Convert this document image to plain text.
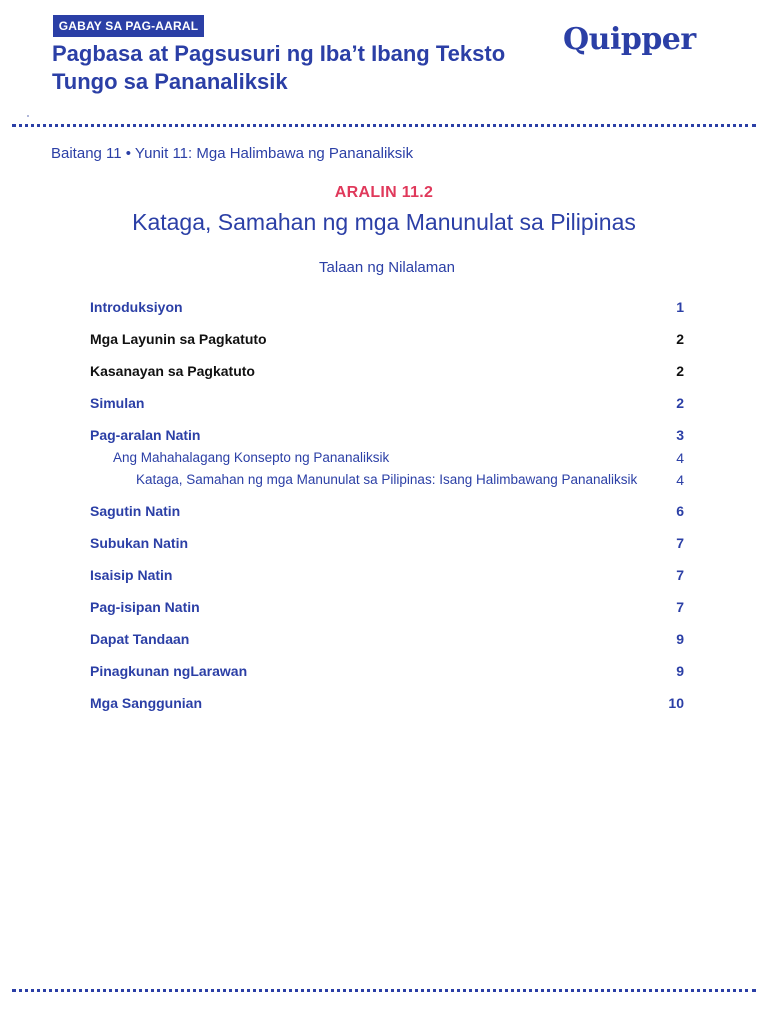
GABAY SA PAG-AARAL
Pagbasa at Pagsusuri ng Iba’t Ibang Teksto
Tungo sa Pananaliksik
Quipper
Baitang 11 • Yunit 11: Mga Halimbawa ng Pananaliksik
ARALIN 11.2
Kataga, Samahan ng mga Manunulat sa Pilipinas
Talaan ng Nilalaman
Introduksiyon	1
Mga Layunin sa Pagkatuto	2
Kasanayan sa Pagkatuto	2
Simulan	2
Pag-aralan Natin	3
Ang Mahahalagang Konsepto ng Pananaliksik	4
Kataga, Samahan ng mga Manunulat sa Pilipinas: Isang Halimbawang Pananaliksik	4
Sagutin Natin	6
Subukan Natin	7
Isaisip Natin	7
Pag-isipan Natin	7
Dapat Tandaan	9
Pinagkunan ngLarawan	9
Mga Sanggunian	10
